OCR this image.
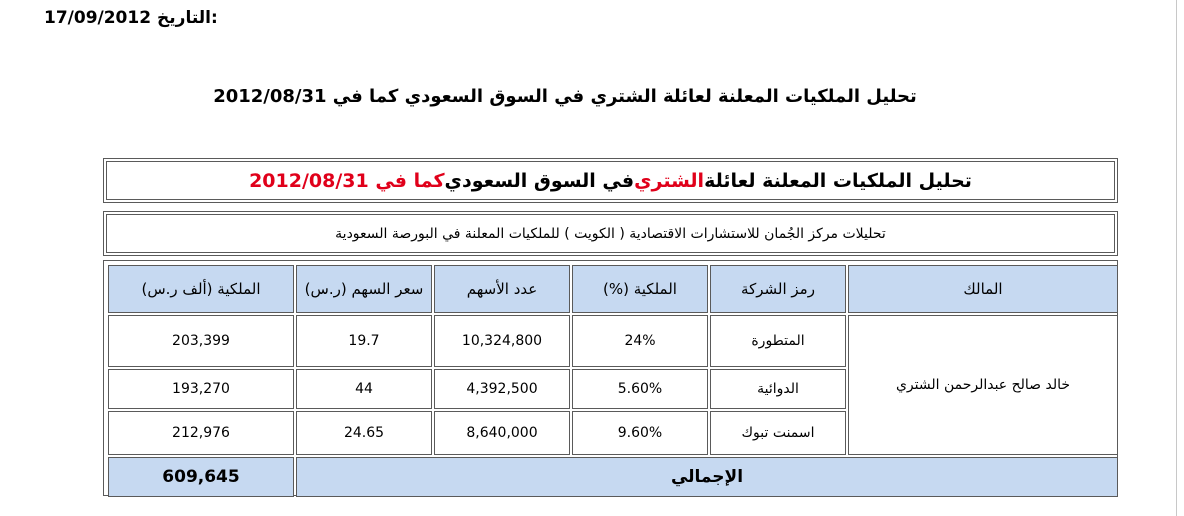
17/09/2012 التاريخ:
تحليل الملكيات المعلنة لعائلة الشتري في السوق السعودي كما في 2012/08/31
تحليل الملكيات المعلنة لعائلة
الشتري
في السوق السعودي
كما في 2012/08/31
تحليلات مركز الجُمان للاستشارات الاقتصادية ( الكويت ) للملكيات المعلنة في البورصة السعودية
المالك	رمز الشركة	الملكية (%)	عدد الأسهم	سعر السهم (ر.س)	الملكية (ألف ر.س)
خالد صالح عبدالرحمن الشتري	المتطورة	24%	10,324,800	19.7	203,399
	الدوائية	5.60%	4,392,500	44	193,270
	اسمنت تبوك	9.60%	8,640,000	24.65	212,976
الإجمالي					609,645
